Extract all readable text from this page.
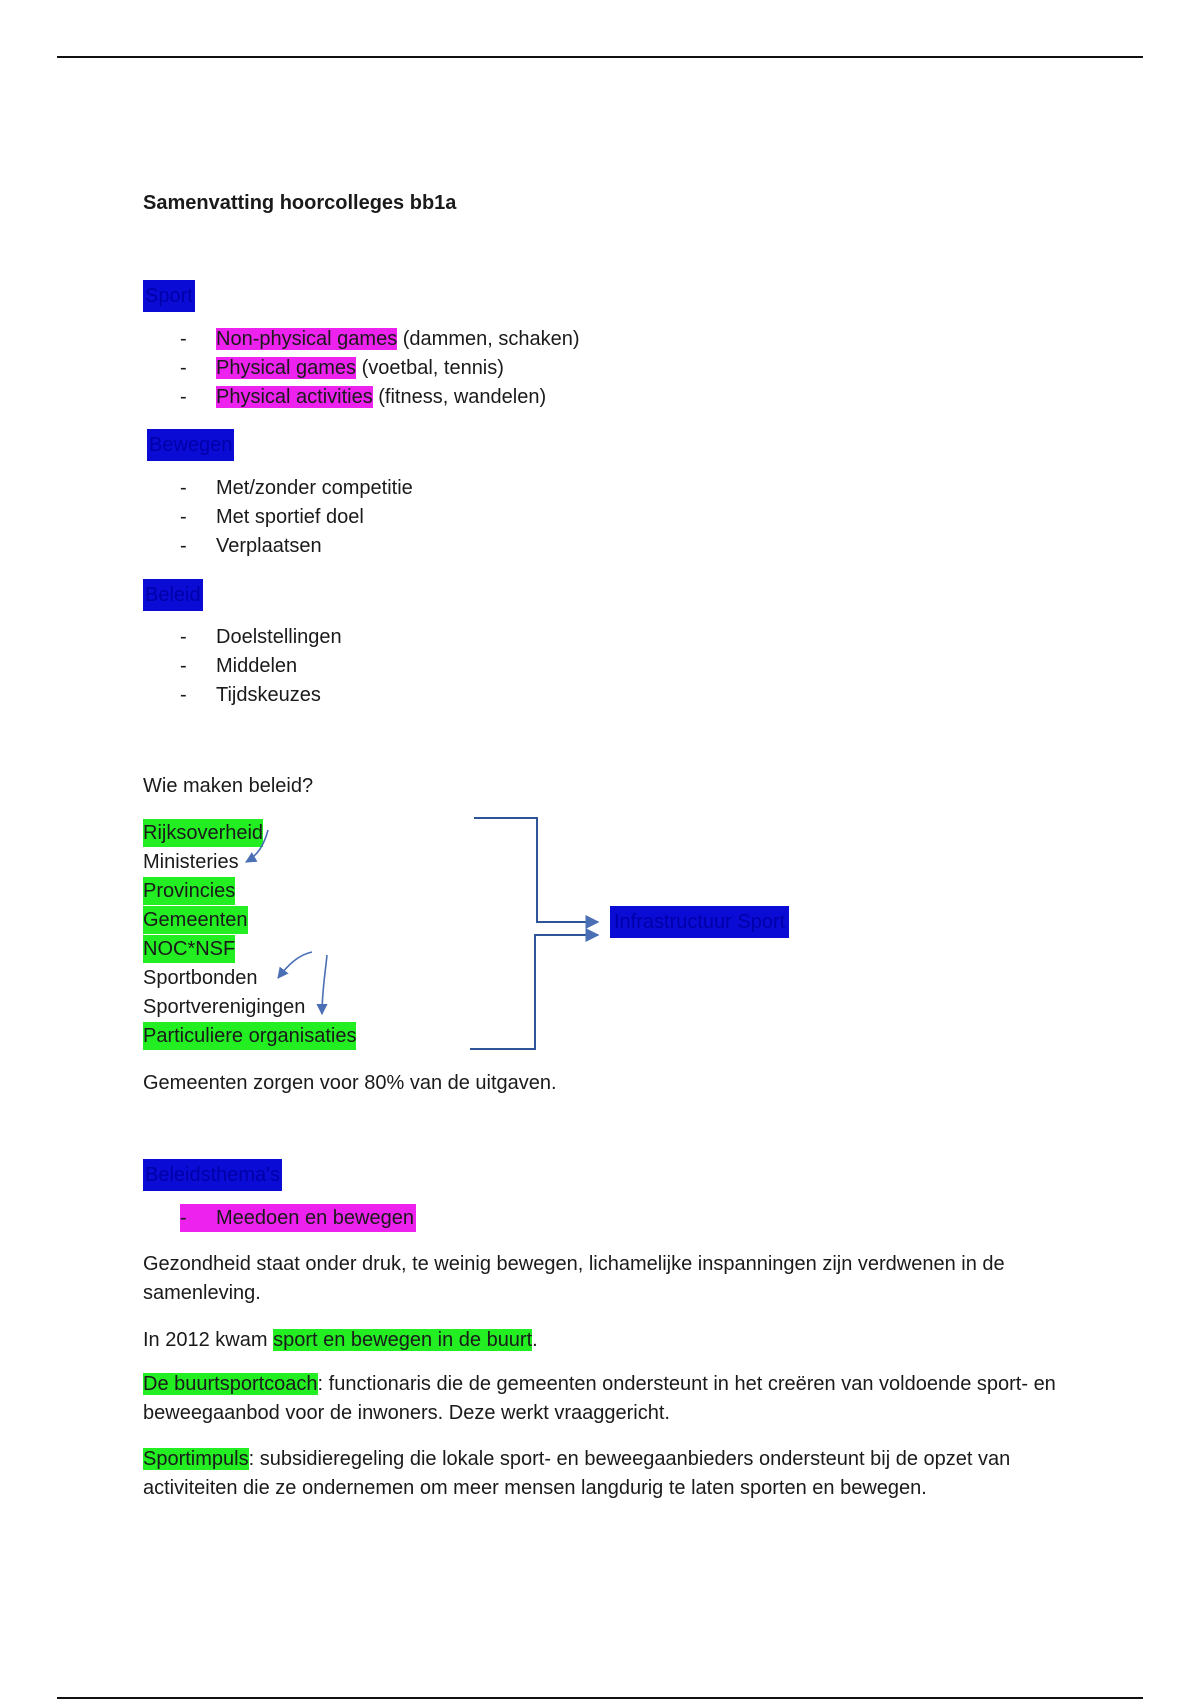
Samenvatting hoorcolleges bb1a
Sport
- Non-physical games (dammen, schaken)
- Physical games (voetbal, tennis)
- Physical activities (fitness, wandelen)
Bewegen
- Met/zonder competitie
- Met sportief doel
- Verplaatsen
Beleid
- Doelstellingen
- Middelen
- Tijdskeuzes
Wie maken beleid?
Rijksoverheid
Ministeries
Provincies
Gemeenten
NOC*NSF
Sportbonden
Sportverenigingen
Particuliere organisaties
Infrastructuur Sport
Gemeenten zorgen voor 80% van de uitgaven.
Beleidsthema's
- Meedoen en bewegen
Gezondheid staat onder druk, te weinig bewegen, lichamelijke inspanningen zijn verdwenen in de samenleving.
In 2012 kwam sport en bewegen in de buurt.
De buurtsportcoach: functionaris die de gemeenten ondersteunt in het creëren van voldoende sport- en beweegaanbod voor de inwoners. Deze werkt vraaggericht.
Sportimpuls: subsidieregeling die lokale sport- en beweegaanbieders ondersteunt bij de opzet van activiteiten die ze ondernemen om meer mensen langdurig te laten sporten en bewegen.
